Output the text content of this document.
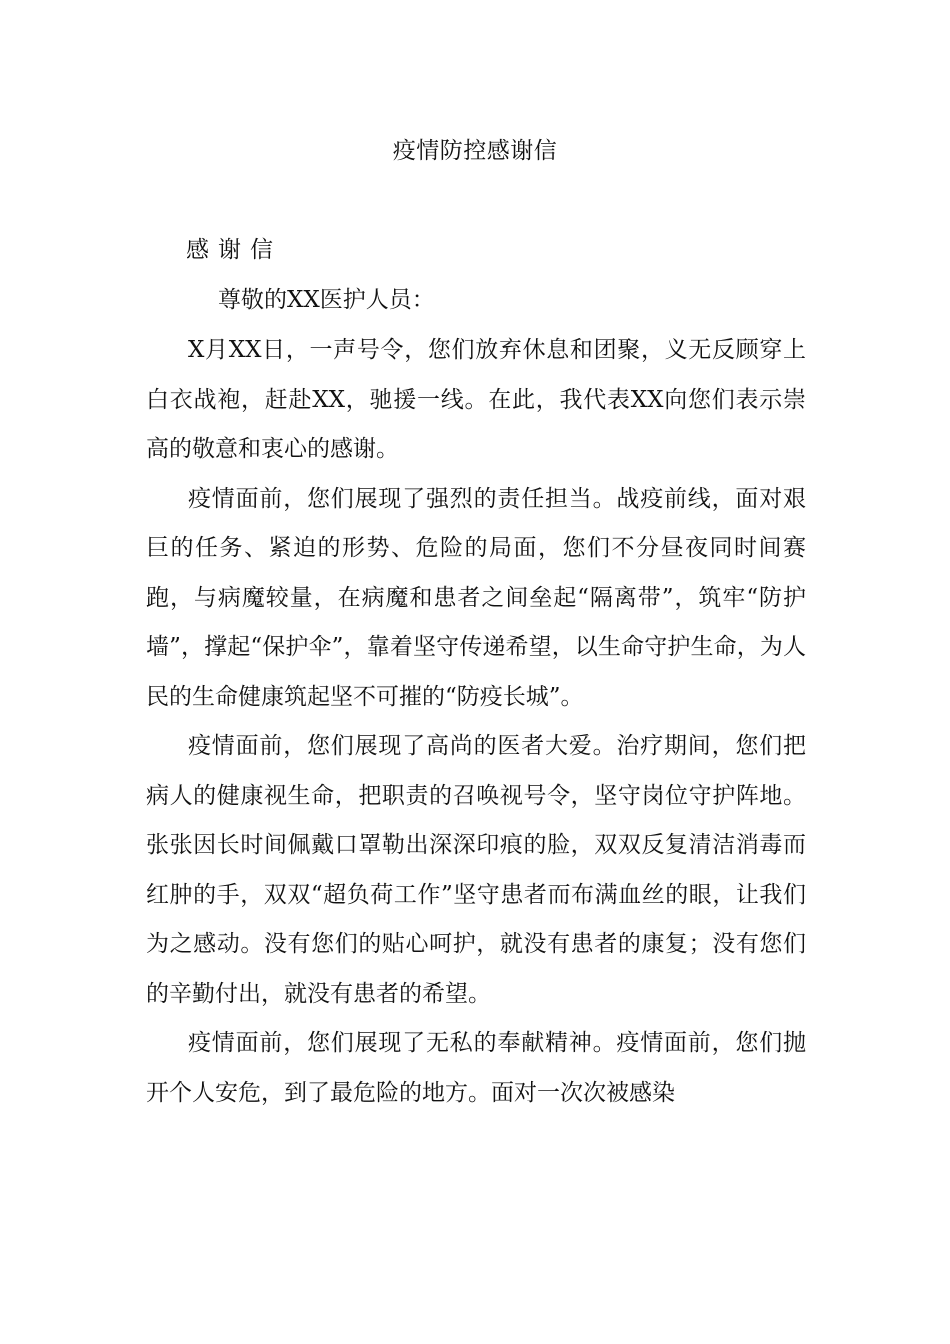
疫情防控感谢信
感 谢 信
尊敬的XX医护人员：

X月XX日，一声号令，您们放弃休息和团聚，义无反顾穿上白衣战袍，赶赴XX，驰援一线。在此，我代表XX向您们表示崇高的敬意和衷心的感谢。

疫情面前，您们展现了强烈的责任担当。战疫前线，面对艰巨的任务、紧迫的形势、危险的局面，您们不分昼夜同时间赛跑，与病魔较量，在病魔和患者之间垒起“隔离带”，筑牢“防护墙”，撑起“保护伞”，靠着坚守传递希望，以生命守护生命，为人民的生命健康筑起坚不可摧的“防疫长城”。

疫情面前，您们展现了高尚的医者大爱。治疗期间，您们把病人的健康视生命，把职责的召唤视号令，坚守岗位守护阵地。张张因长时间佩戴口罩勒出深深印痕的脸，双双反复清洁消毒而红肿的手，双双“超负荷工作”坚守患者而布满血丝的眼，让我们为之感动。没有您们的贴心呵护，就没有患者的康复；没有您们的辛勤付出，就没有患者的希望。

疫情面前，您们展现了无私的奉献精神。疫情面前，您们抛开个人安危，到了最危险的地方。面对一次次被感染
